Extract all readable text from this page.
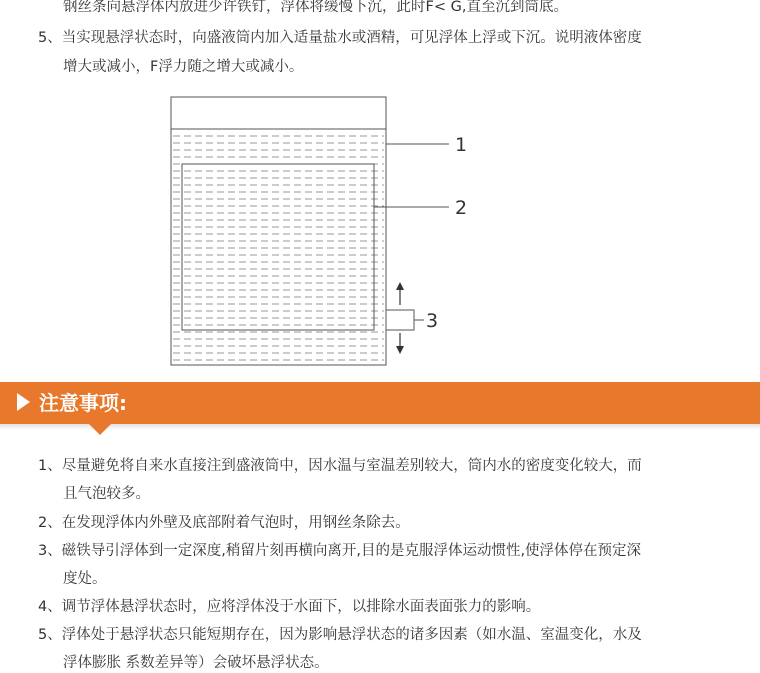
钢丝条向悬浮体内放进少许铁钉，浮体将缓慢下沉，此时F< G,直至沉到筒底。
5、当实现悬浮状态时，向盛液筒内加入适量盐水或酒精，可见浮体上浮或下沉。说明液体密度
增大或减小，F浮力随之增大或减小。
1
2
3
注意事项:
1、尽量避免将自来水直接注到盛液筒中，因水温与室温差别较大，筒内水的密度变化较大，而
且气泡较多。
2、在发现浮体内外壁及底部附着气泡时，用钢丝条除去。
3、磁铁导引浮体到一定深度,稍留片刻再横向离开,目的是克服浮体运动惯性,使浮体停在预定深
度处。
4、调节浮体悬浮状态时，应将浮体没于水面下，以排除水面表面张力的影响。
5、浮体处于悬浮状态只能短期存在，因为影响悬浮状态的诸多因素（如水温、室温变化，水及
浮体膨胀 系数差异等）会破坏悬浮状态。
